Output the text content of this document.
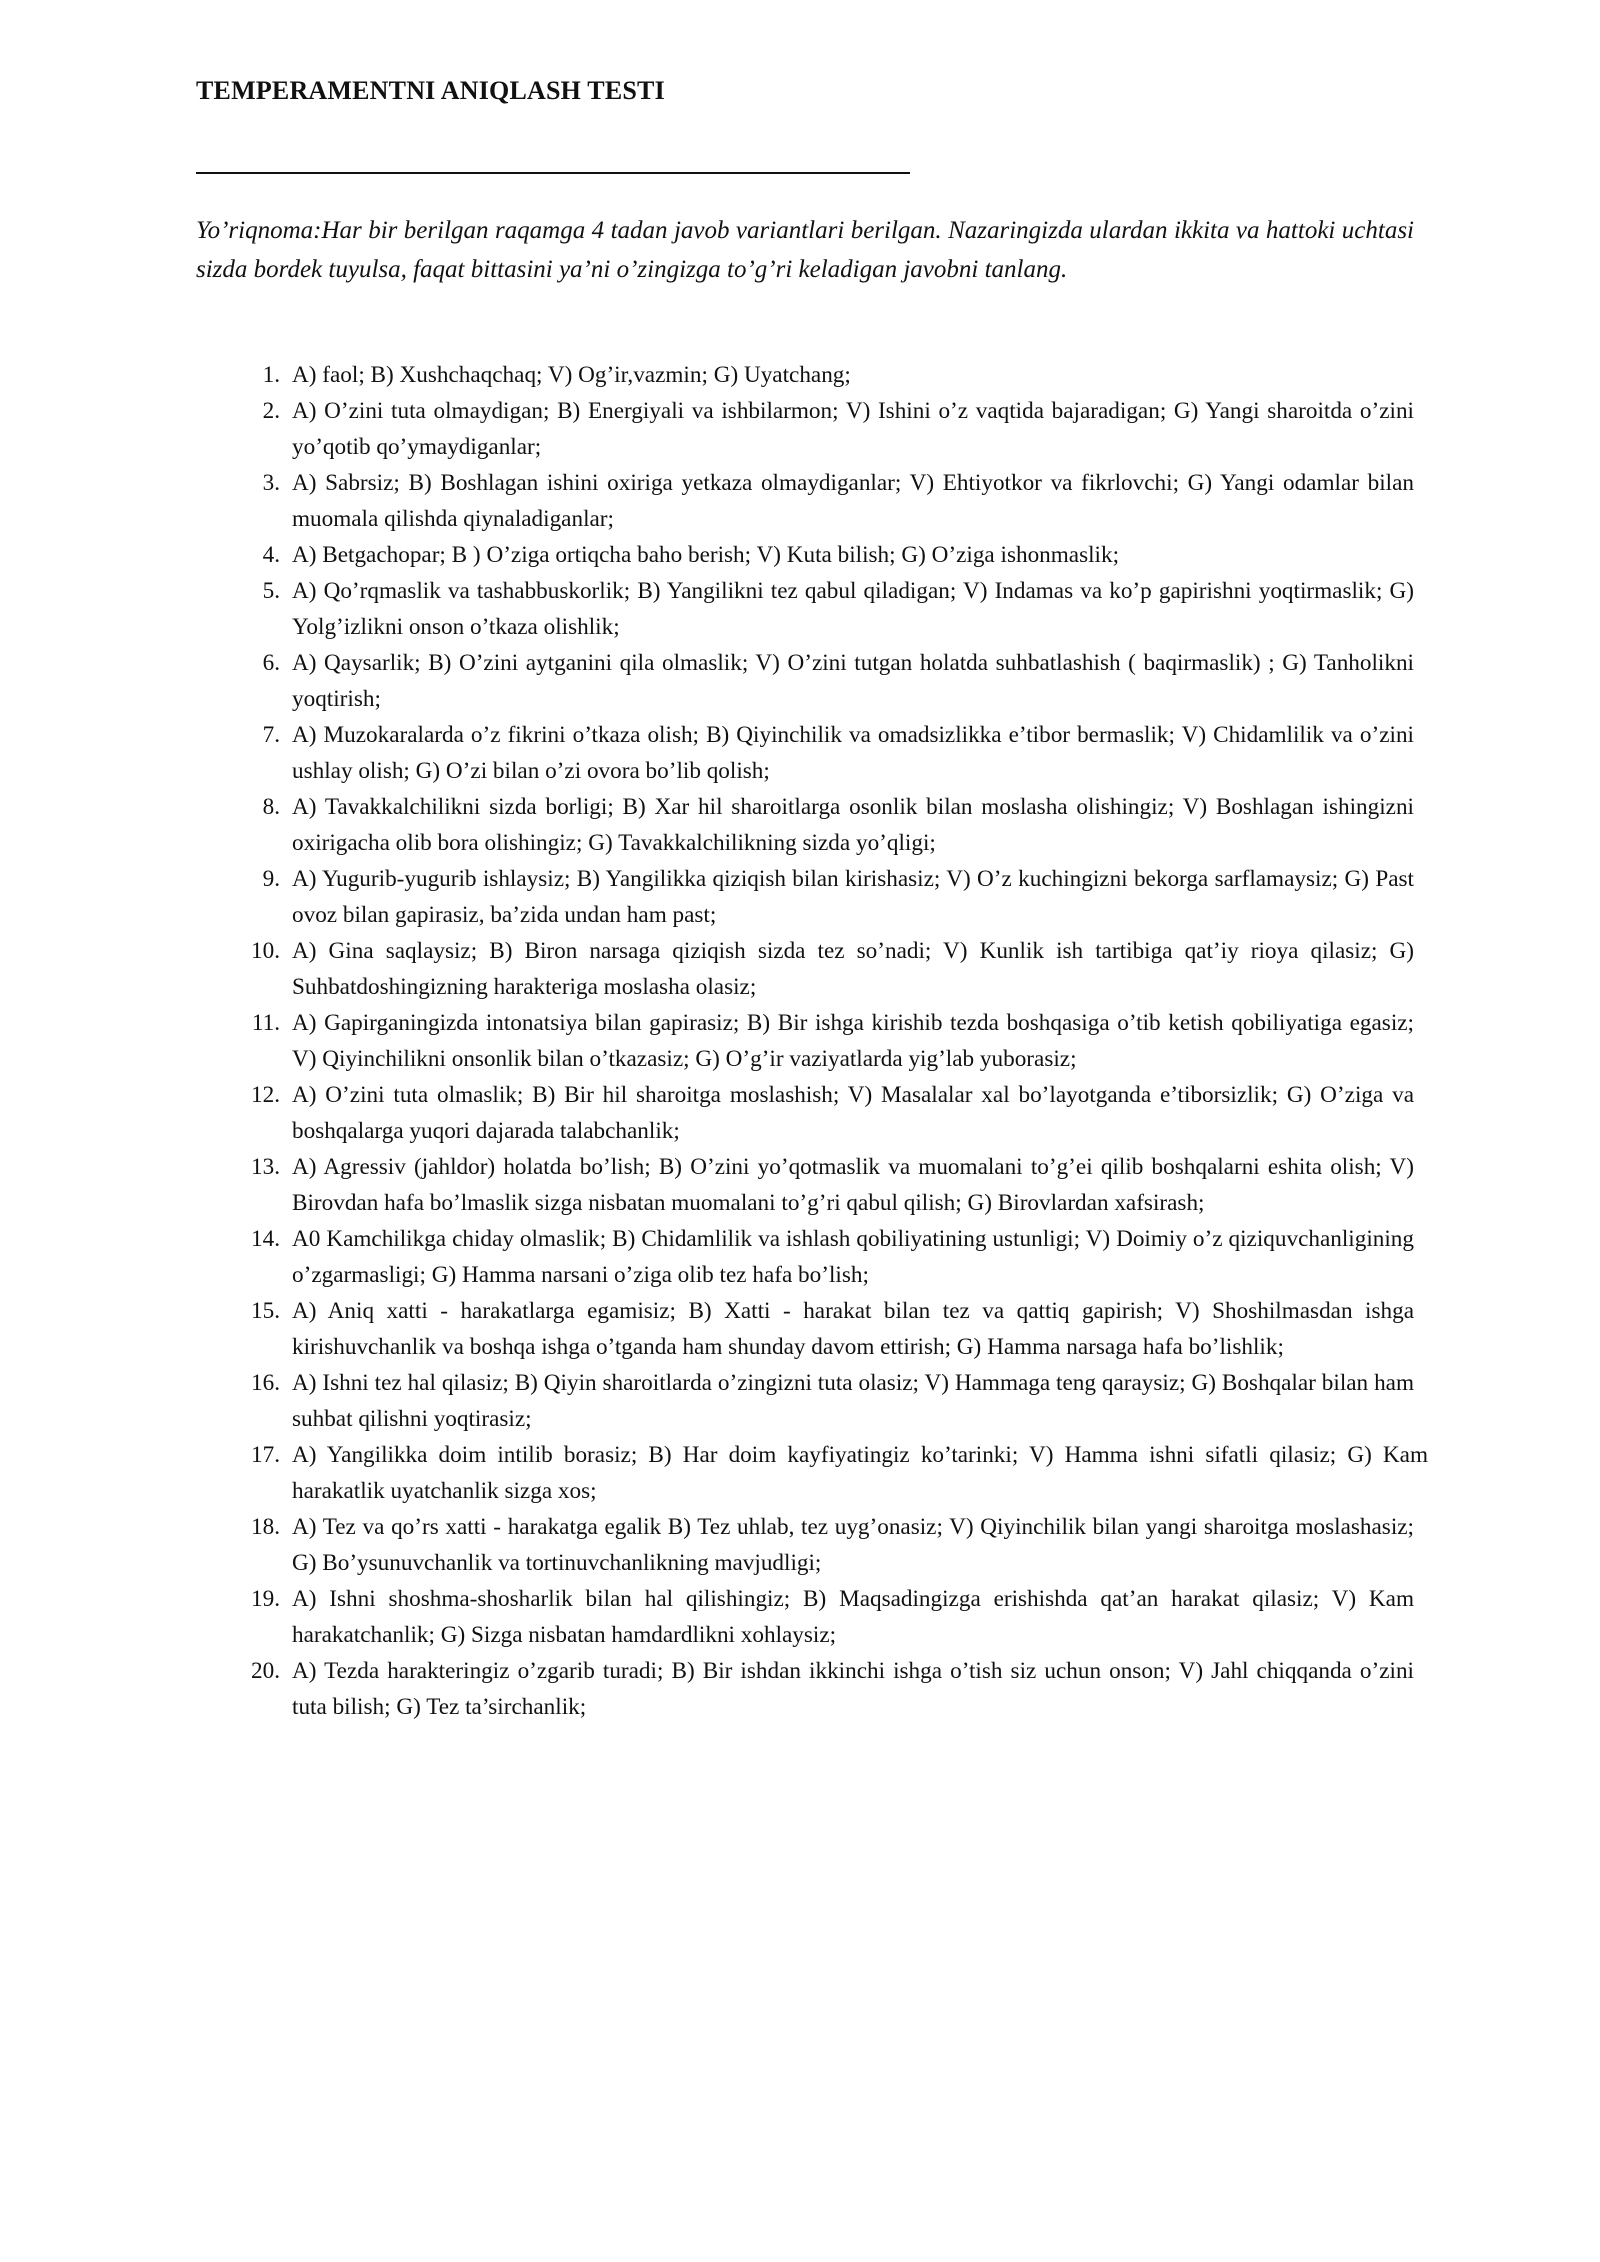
TEMPERAMENTNI ANIQLASH TESTI

Yo’riqnoma:Har bir berilgan raqamga 4 tadan javob variantlari berilgan. Nazaringizda ulardan ikkita va hattoki uchtasi sizda bordek tuyulsa, faqat bittasini ya’ni o’zingizga to’g’ri keladigan javobni tanlang.

1. A) faol; B) Xushchaqchaq; V) Og’ir,vazmin; G) Uyatchang;
2. A) O’zini tuta olmaydigan; B) Energiyali va ishbilarmon; V) Ishini o’z vaqtida bajaradigan; G) Yangi sharoitda o’zini yo’qotib qo’ymaydiganlar;
3. A) Sabrsiz; B) Boshlagan ishini oxiriga yetkaza olmaydiganlar; V) Ehtiyotkor va fikrlovchi; G) Yangi odamlar bilan muomala qilishda qiynaladiganlar;
4. A) Betgachopar; B ) O’ziga ortiqcha baho berish; V) Kuta bilish; G) O’ziga ishonmaslik;
5. A) Qo’rqmaslik va tashabbuskorlik; B) Yangilikni tez qabul qiladigan; V) Indamas va ko’p gapirishni yoqtirmaslik; G) Yolg’izlikni onson o’tkaza olishlik;
6. A) Qaysarlik; B) O’zini aytganini qila olmaslik; V) O’zini tutgan holatda suhbatlashish ( baqirmaslik) ; G) Tanholikni yoqtirish;
7. A) Muzokaralarda o’z fikrini o’tkaza olish; B) Qiyinchilik va omadsizlikka e’tibor bermaslik; V) Chidamlilik va o’zini ushlay olish; G) O’zi bilan o’zi ovora bo’lib qolish;
8. A) Tavakkalchilikni sizda borligi; B) Xar hil sharoitlarga osonlik bilan moslasha olishingiz; V) Boshlagan ishingizni oxirigacha olib bora olishingiz; G) Tavakkalchilikning sizda yo’qligi;
9. A) Yugurib-yugurib ishlaysiz; B) Yangilikka qiziqish bilan kirishasiz; V) O’z kuchingizni bekorga sarflamaysiz; G) Past ovoz bilan gapirasiz, ba’zida undan ham past;
10. A) Gina saqlaysiz; B) Biron narsaga qiziqish sizda tez so’nadi; V) Kunlik ish tartibiga qat’iy rioya qilasiz; G) Suhbatdoshingizning harakteriga moslasha olasiz;
11. A) Gapirganingizda intonatsiya bilan gapirasiz; B) Bir ishga kirishib tezda boshqasiga o’tib ketish qobiliyatiga egasiz; V) Qiyinchilikni onsonlik bilan o’tkazasiz; G) O’g’ir vaziyatlarda yig’lab yuborasiz;
12. A) O’zini tuta olmaslik; B) Bir hil sharoitga moslashish; V) Masalalar xal bo’layotganda e’tiborsizlik; G) O’ziga va boshqalarga yuqori dajarada talabchanlik;
13. A) Agressiv (jahldor) holatda bo’lish; B) O’zini yo’qotmaslik va muomalani to’g’ei qilib boshqalarni eshita olish; V) Birovdan hafa bo’lmaslik sizga nisbatan muomalani to’g’ri qabul qilish; G) Birovlardan xafsirash;
14. A0 Kamchilikga chiday olmaslik; B) Chidamlilik va ishlash qobiliyatining ustunligi; V) Doimiy o’z qiziquvchanligining o’zgarmasligi; G) Hamma narsani o’ziga olib tez hafa bo’lish;
15. A) Aniq xatti - harakatlarga egamisiz; B) Xatti - harakat bilan tez va qattiq gapirish; V) Shoshilmasdan ishga kirishuvchanlik va boshqa ishga o’tganda ham shunday davom ettirish; G) Hamma narsaga hafa bo’lishlik;
16. A) Ishni tez hal qilasiz; B) Qiyin sharoitlarda o’zingizni tuta olasiz; V) Hammaga teng qaraysiz; G) Boshqalar bilan ham suhbat qilishni yoqtirasiz;
17. A) Yangilikka doim intilib borasiz; B) Har doim kayfiyatingiz ko’tarinki; V) Hamma ishni sifatli qilasiz; G) Kam harakatlik uyatchanlik sizga xos;
18. A) Tez va qo’rs xatti - harakatga egalik B) Tez uhlab, tez uyg’onasiz; V) Qiyinchilik bilan yangi sharoitga moslashasiz; G) Bo’ysunuvchanlik va tortinuvchanlikning mavjudligi;
19. A) Ishni shoshma-shosharlik bilan hal qilishingiz; B) Maqsadingizga erishishda qat’an harakat qilasiz; V) Kam harakatchanlik; G) Sizga nisbatan hamdardlikni xohlaysiz;
20. A) Tezda harakteringiz o’zgarib turadi; B) Bir ishdan ikkinchi ishga o’tish siz uchun onson; V) Jahl chiqqanda o’zini tuta bilish; G) Tez ta’sirchanlik;
